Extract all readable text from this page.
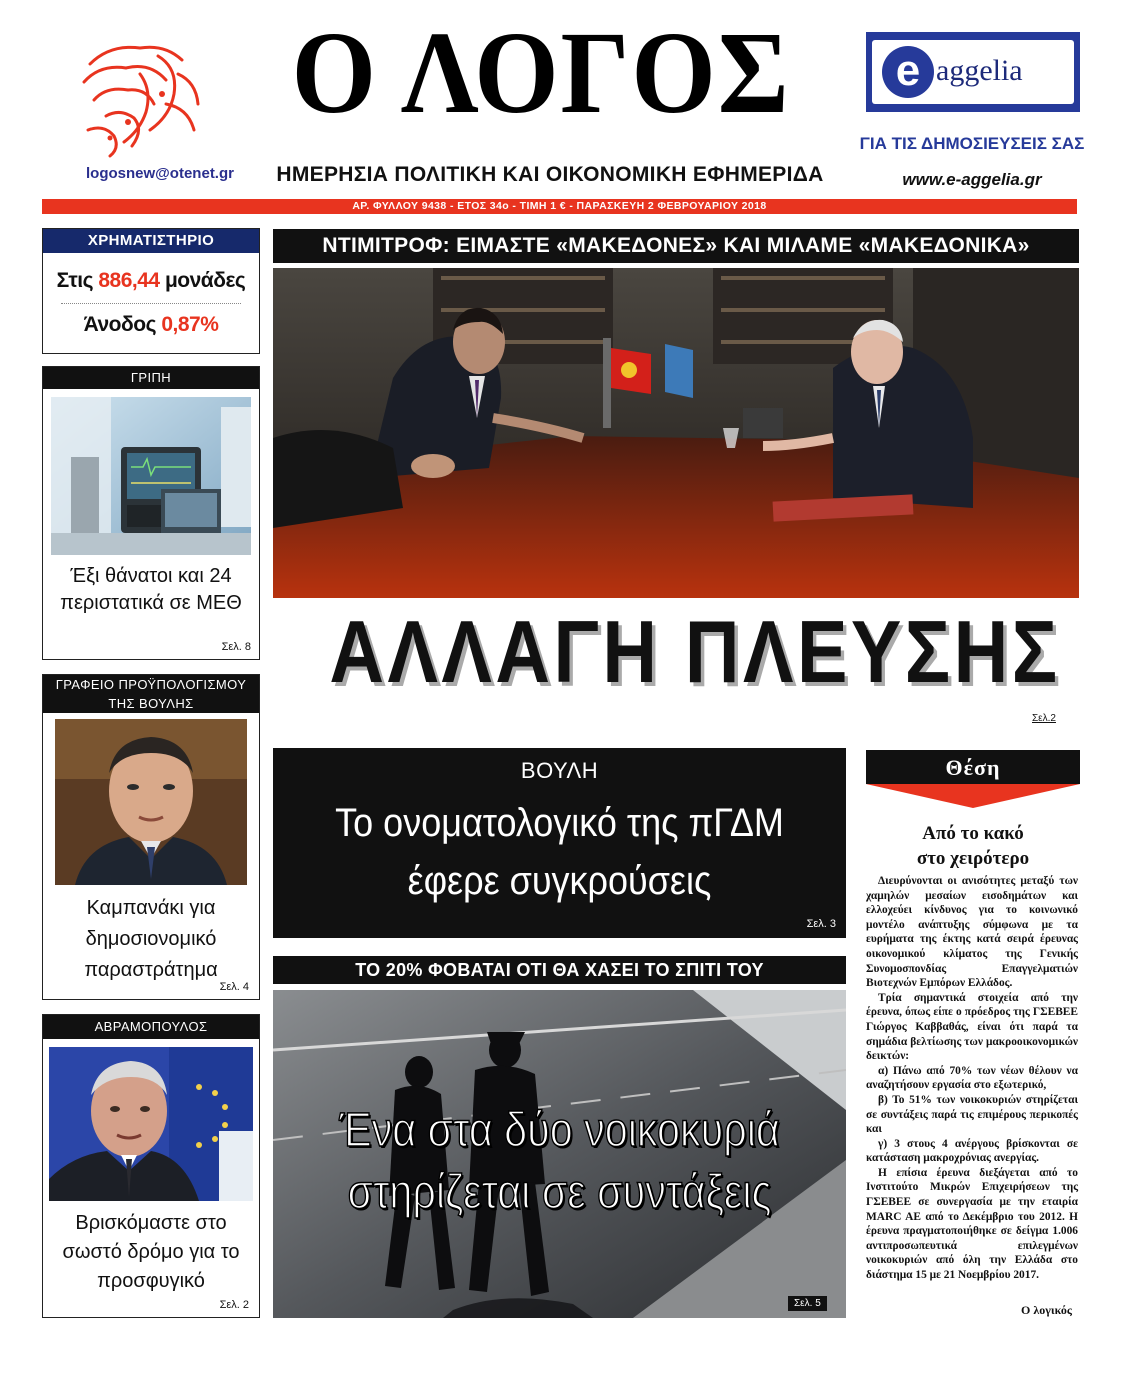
logosnew@otenet.gr
Ο ΛΟΓΟΣ
ΗΜΕΡΗΣΙΑ ΠΟΛΙΤΙΚΗ ΚΑΙ ΟΙΚΟΝΟΜΙΚΗ ΕΦΗΜΕΡΙΔΑ
e aggelia
ΓΙΑ ΤΙΣ ΔΗΜΟΣΙΕΥΣΕΙΣ ΣΑΣ
www.e-aggelia.gr
ΑΡ. ΦΥΛΛΟΥ 9438 - ΕΤΟΣ 34ο - ΤΙΜΗ 1 € - ΠΑΡΑΣΚΕΥΗ 2 ΦΕΒΡΟΥΑΡΙΟΥ 2018
ΧΡΗΜΑΤΙΣΤΗΡΙΟ
Στις 886,44 μονάδες
Άνοδος 0,87%
ΓΡΙΠΗ
Έξι θάνατοι και 24 περιστατικά σε ΜΕΘ
Σελ. 8
ΓΡΑΦΕΙΟ ΠΡΟΫΠΟΛΟΓΙΣΜΟΥ ΤΗΣ ΒΟΥΛΗΣ
Καμπανάκι για δημοσιονομικό παραστράτημα
Σελ. 4
ΑΒΡΑΜΟΠΟΥΛΟΣ
Βρισκόμαστε στο σωστό δρόμο για το προσφυγικό
Σελ. 2
ΝΤΙΜΙΤΡΟΦ: ΕΙΜΑΣΤΕ «ΜΑΚΕΔΟΝΕΣ» ΚΑΙ ΜΙΛΑΜΕ «ΜΑΚΕΔΟΝΙΚΑ»
ΑΛΛΑΓΗ ΠΛΕΥΣΗΣ
Σελ.2
ΒΟΥΛΗ
Το ονοματολογικό της πΓΔΜ
έφερε συγκρούσεις
Σελ. 3
ΤΟ 20% ΦΟΒΑΤΑΙ ΟΤΙ ΘΑ ΧΑΣΕΙ ΤΟ ΣΠΙΤΙ ΤΟΥ
Ένα στα δύο νοικοκυριά
στηρίζεται σε συντάξεις
Σελ. 5
Θέση
Από το κακό
στο χειρότερο

Διευρύνονται οι ανισότητες μεταξύ των χαμηλών μεσαίων εισοδημάτων και ελλοχεύει κίνδυνος για το κοινωνικό μοντέλο ανάπτυξης σύμφωνα με τα ευρήματα της έκτης κατά σειρά έρευνας οικονομικού κλίματος της Γενικής Συνομοσπονδίας Επαγγελματιών Βιοτεχνών Εμπόρων Ελλάδος.

Τρία σημαντικά στοιχεία από την έρευνα, όπως είπε ο πρόεδρος της ΓΣΕΒΕΕ Γιώργος Καββαθάς, είναι ότι παρά τα σημάδια βελτίωσης των μακροοικονομικών δεικτών:

α) Πάνω από 70% των νέων θέλουν να αναζητήσουν εργασία στο εξωτερικό,

β) Το 51% των νοικοκυριών στηρίζεται σε συντάξεις παρά τις επιμέρους περικοπές και

γ) 3 στους 4 ανέργους βρίσκονται σε κατάσταση μακροχρόνιας ανεργίας.

Η επίσια έρευνα διεξάγεται από το Ινστιτούτο Μικρών Επιχειρήσεων της ΓΣΕΒΕΕ σε συνεργασία με την εταιρία MARC AE από το Δεκέμβριο του 2012. Η έρευνα πραγματοποιήθηκε σε δείγμα 1.006 αντιπροσωπευτικά επιλεγμένων νοικοκυριών από όλη την Ελλάδα στο διάστημα 15 με 21 Νοεμβρίου 2017.

Ο λογικός
